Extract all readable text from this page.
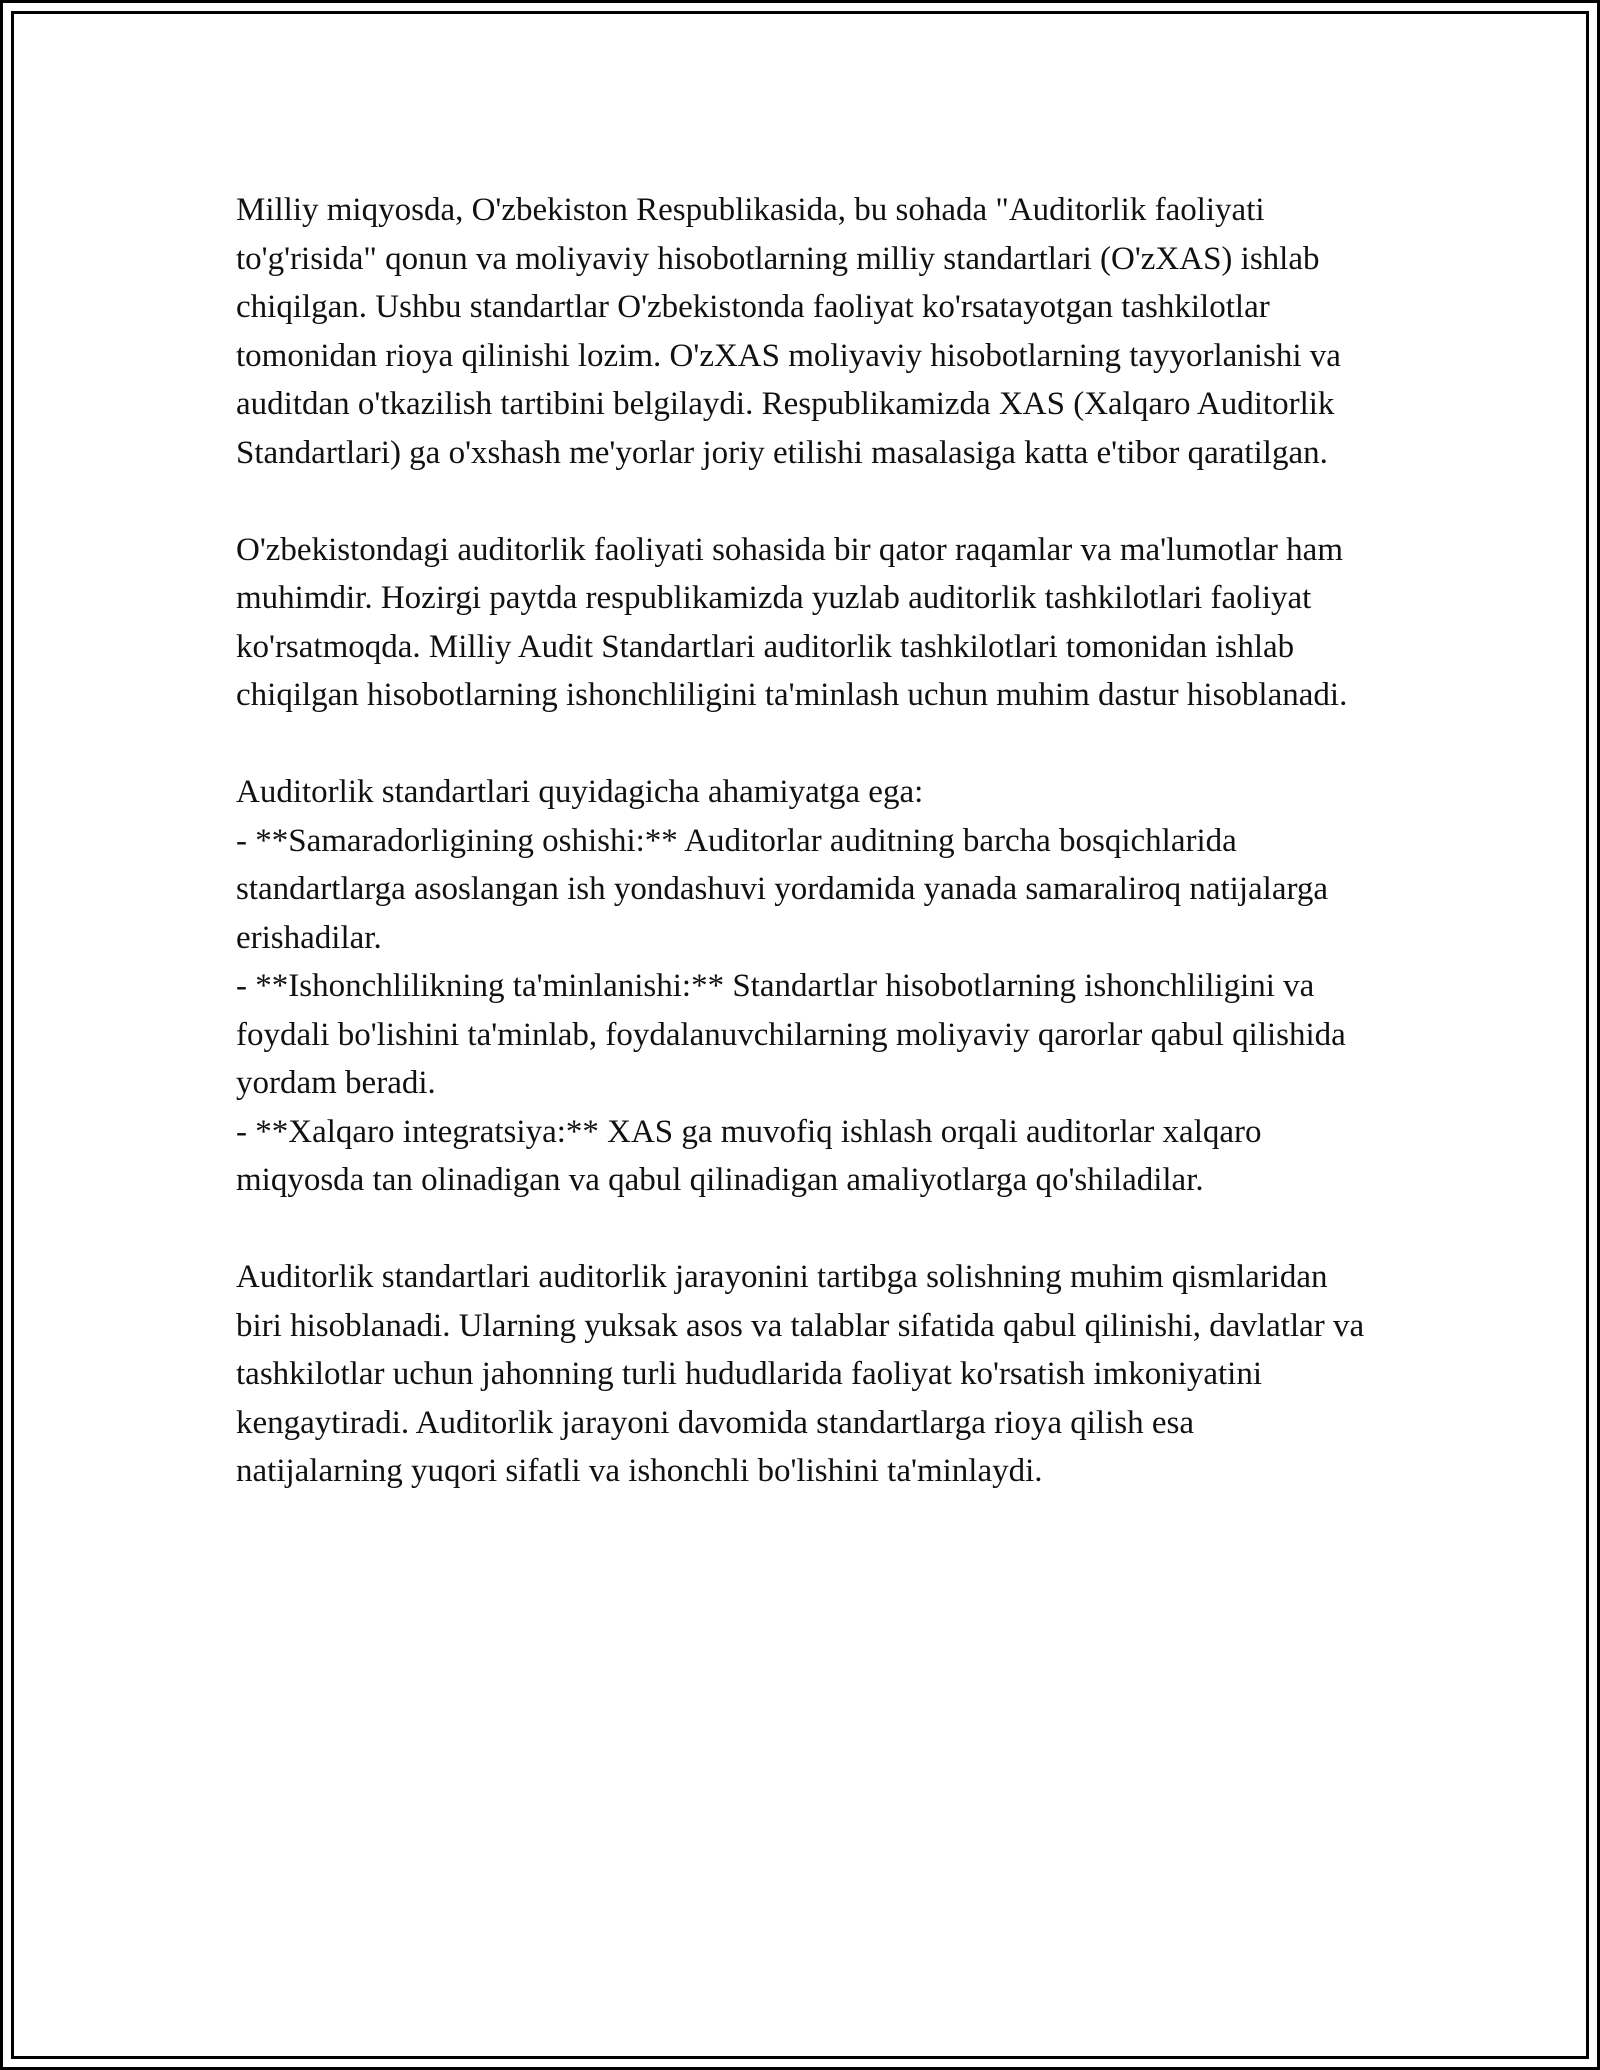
Milliy miqyosda, O'zbekiston Respublikasida, bu sohada "Auditorlik faoliyati to'g'risida" qonun va moliyaviy hisobotlarning milliy standartlari (O'zXAS) ishlab chiqilgan. Ushbu standartlar O'zbekistonda faoliyat ko'rsatayotgan tashkilotlar tomonidan rioya qilinishi lozim. O'zXAS moliyaviy hisobotlarning tayyorlanishi va auditdan o'tkazilish tartibini belgilaydi. Respublikamizda XAS (Xalqaro Auditorlik Standartlari) ga o'xshash me'yorlar joriy etilishi masalasiga katta e'tibor qaratilgan.

O'zbekistondagi auditorlik faoliyati sohasida bir qator raqamlar va ma'lumotlar ham muhimdir. Hozirgi paytda respublikamizda yuzlab auditorlik tashkilotlari faoliyat ko'rsatmoqda. Milliy Audit Standartlari auditorlik tashkilotlari tomonidan ishlab chiqilgan hisobotlarning ishonchliligini ta'minlash uchun muhim dastur hisoblanadi.

Auditorlik standartlari quyidagicha ahamiyatga ega:

- **Samaradorligining oshishi:** Auditorlar auditning barcha bosqichlarida standartlarga asoslangan ish yondashuvi yordamida yanada samaraliroq natijalarga erishadilar.

- **Ishonchlilikning ta'minlanishi:** Standartlar hisobotlarning ishonchliligini va foydali bo'lishini ta'minlab, foydalanuvchilarning moliyaviy qarorlar qabul qilishida yordam beradi.

- **Xalqaro integratsiya:** XAS ga muvofiq ishlash orqali auditorlar xalqaro miqyosda tan olinadigan va qabul qilinadigan amaliyotlarga qo'shiladilar.

Auditorlik standartlari auditorlik jarayonini tartibga solishning muhim qismlaridan biri hisoblanadi. Ularning yuksak asos va talablar sifatida qabul qilinishi, davlatlar va tashkilotlar uchun jahonning turli hududlarida faoliyat ko'rsatish imkoniyatini kengaytiradi. Auditorlik jarayoni davomida standartlarga rioya qilish esa natijalarning yuqori sifatli va ishonchli bo'lishini ta'minlaydi.
